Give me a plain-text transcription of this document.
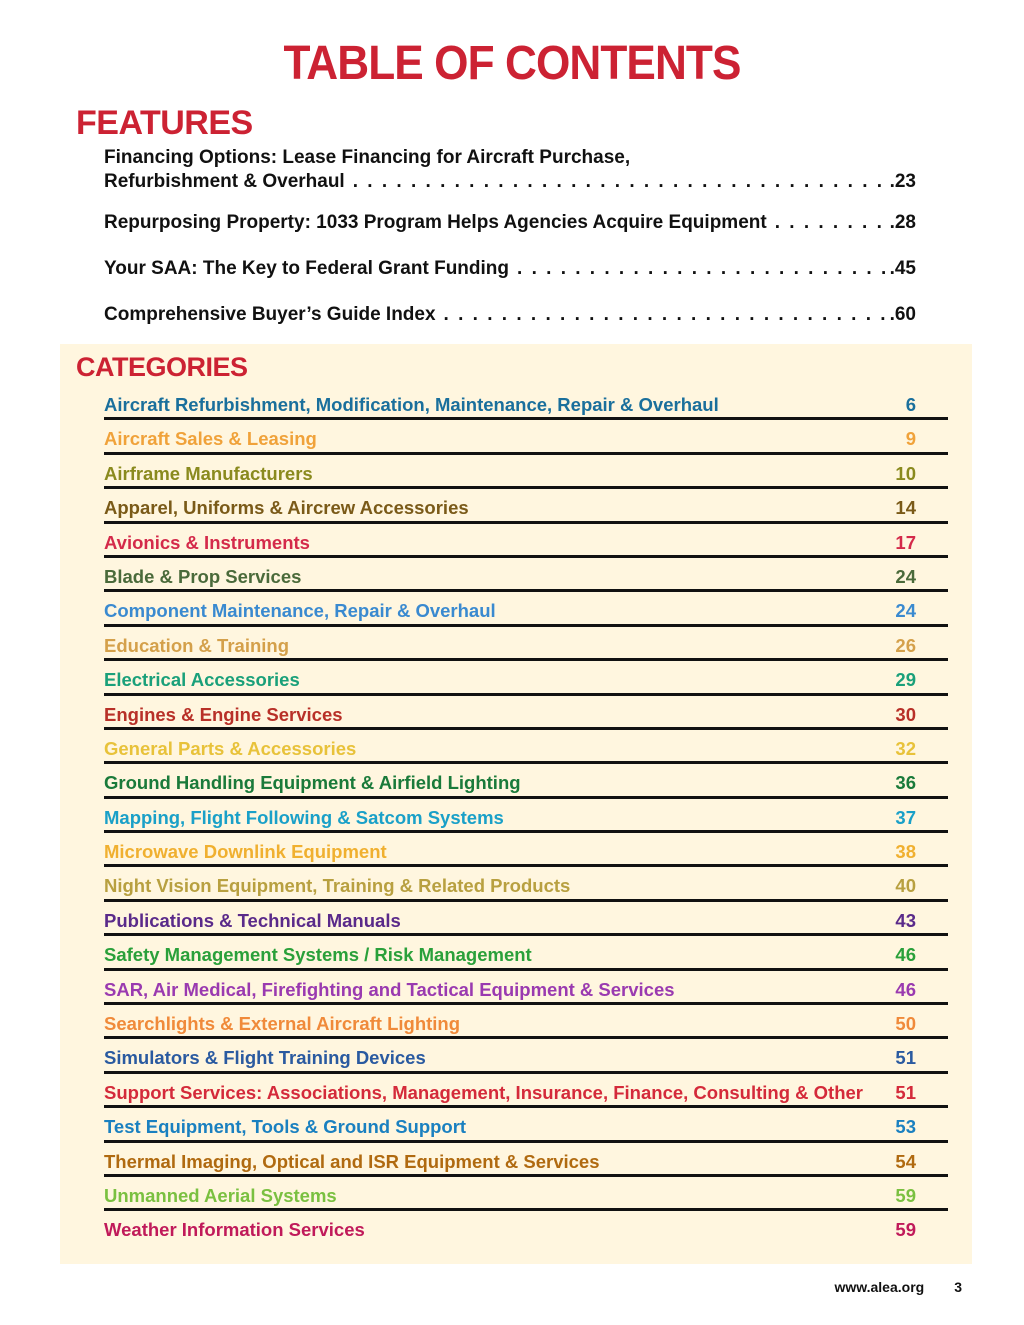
TABLE OF CONTENTS
FEATURES
Financing Options: Lease Financing for Aircraft Purchase,
Refurbishment & Overhaul . . .	.23
Repurposing Property: 1033 Program Helps Agencies Acquire Equipment . . .	.28
Your SAA: The Key to Federal Grant Funding . . .	.45
Comprehensive Buyer’s Guide Index . . .	.60
CATEGORIES
Aircraft Refurbishment, Modification, Maintenance, Repair & Overhaul	6
Aircraft Sales & Leasing	9
Airframe Manufacturers	10
Apparel, Uniforms & Aircrew Accessories	14
Avionics & Instruments	17
Blade & Prop Services	24
Component Maintenance, Repair & Overhaul	24
Education & Training	26
Electrical Accessories	29
Engines & Engine Services	30
General Parts & Accessories	32
Ground Handling Equipment & Airfield Lighting	36
Mapping, Flight Following & Satcom Systems	37
Microwave Downlink Equipment	38
Night Vision Equipment, Training & Related Products	40
Publications & Technical Manuals	43
Safety Management Systems / Risk Management	46
SAR, Air Medical, Firefighting and Tactical Equipment & Services	46
Searchlights & External Aircraft Lighting	50
Simulators & Flight Training Devices	51
Support Services: Associations, Management, Insurance, Finance, Consulting & Other 51
Test Equipment, Tools & Ground Support	53
Thermal Imaging, Optical and ISR Equipment & Services	54
Unmanned Aerial Systems	59
Weather Information Services	59
www.alea.org 3
